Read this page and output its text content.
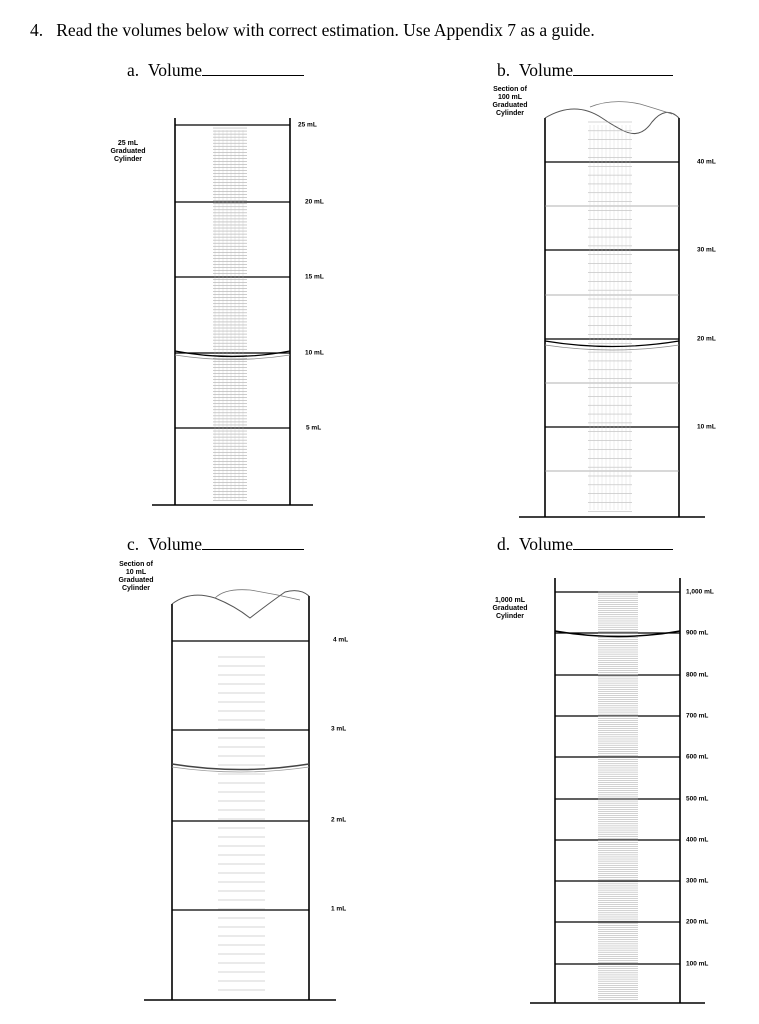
4. Read the volumes below with correct estimation. Use Appendix 7 as a guide.
a. Volume	b. Volume
c. Volume	d. Volume
25 mL
Graduated
Cylinder
Section of
100 mL
Graduated
Cylinder
Section of
10 mL
Graduated
Cylinder
1,000 mL
Graduated
Cylinder
25 mL
20 mL
15 mL
10 mL
5 mL
40 mL
30 mL
20 mL
10 mL
4 mL
3 mL
2 mL
1 mL
1,000 mL
900 mL
800 mL
700 mL
600 mL
500 mL
400 mL
300 mL
200 mL
100 mL
